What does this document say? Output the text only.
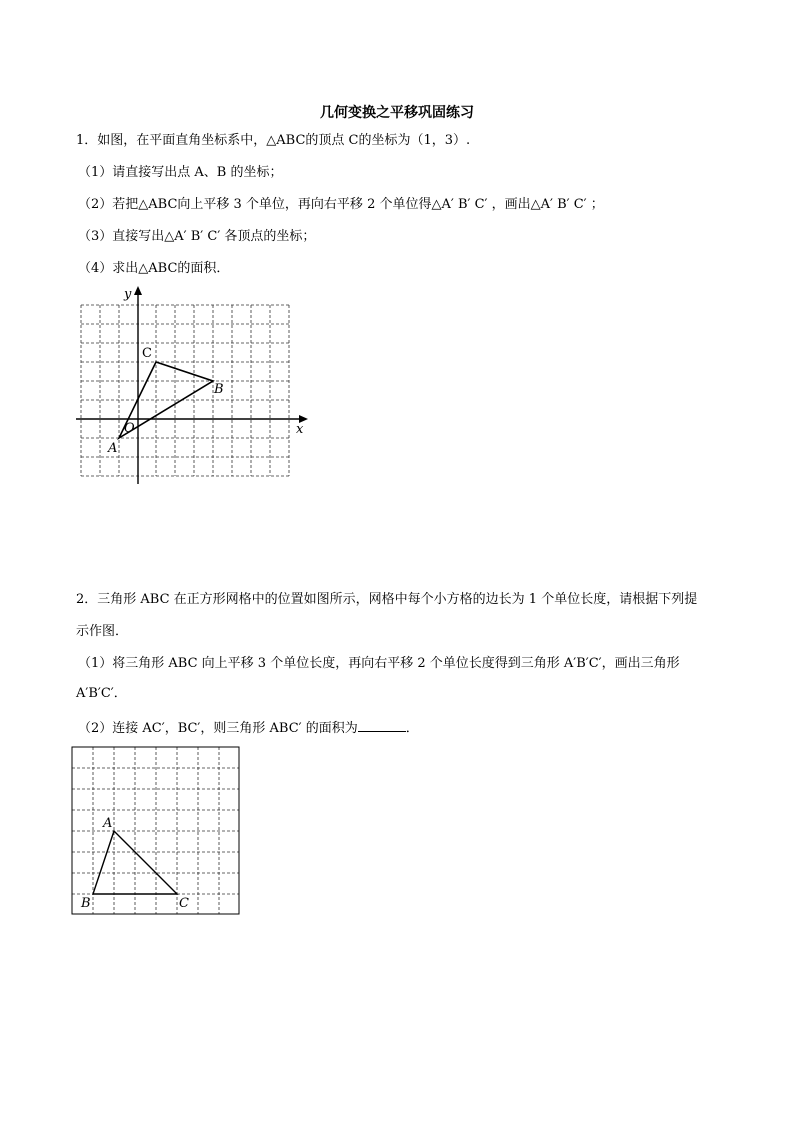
几何变换之平移巩固练习
1．如图，在平面直角坐标系中，△ABC的顶点 C的坐标为（1，3）.
（1）请直接写出点 A、B 的坐标；
（2）若把△ABC向上平移 3 个单位，再向右平移 2 个单位得△A′ B′ C′ ，画出△A′ B′ C′ ；
（3）直接写出△A′ B′ C′ 各顶点的坐标；
（4）求出△ABC的面积．
x
y
O
A
B
C
2．三角形 ABC 在正方形网格中的位置如图所示，网格中每个小方格的边长为 1 个单位长度，请根据下列提
示作图．
（1）将三角形 ABC 向上平移 3 个单位长度，再向右平移 2 个单位长度得到三角形 A′B′C′，画出三角形
A′B′C′．
（2）连接 AC′，BC′，则三角形 ABC′ 的面积为	．
A
B	C
